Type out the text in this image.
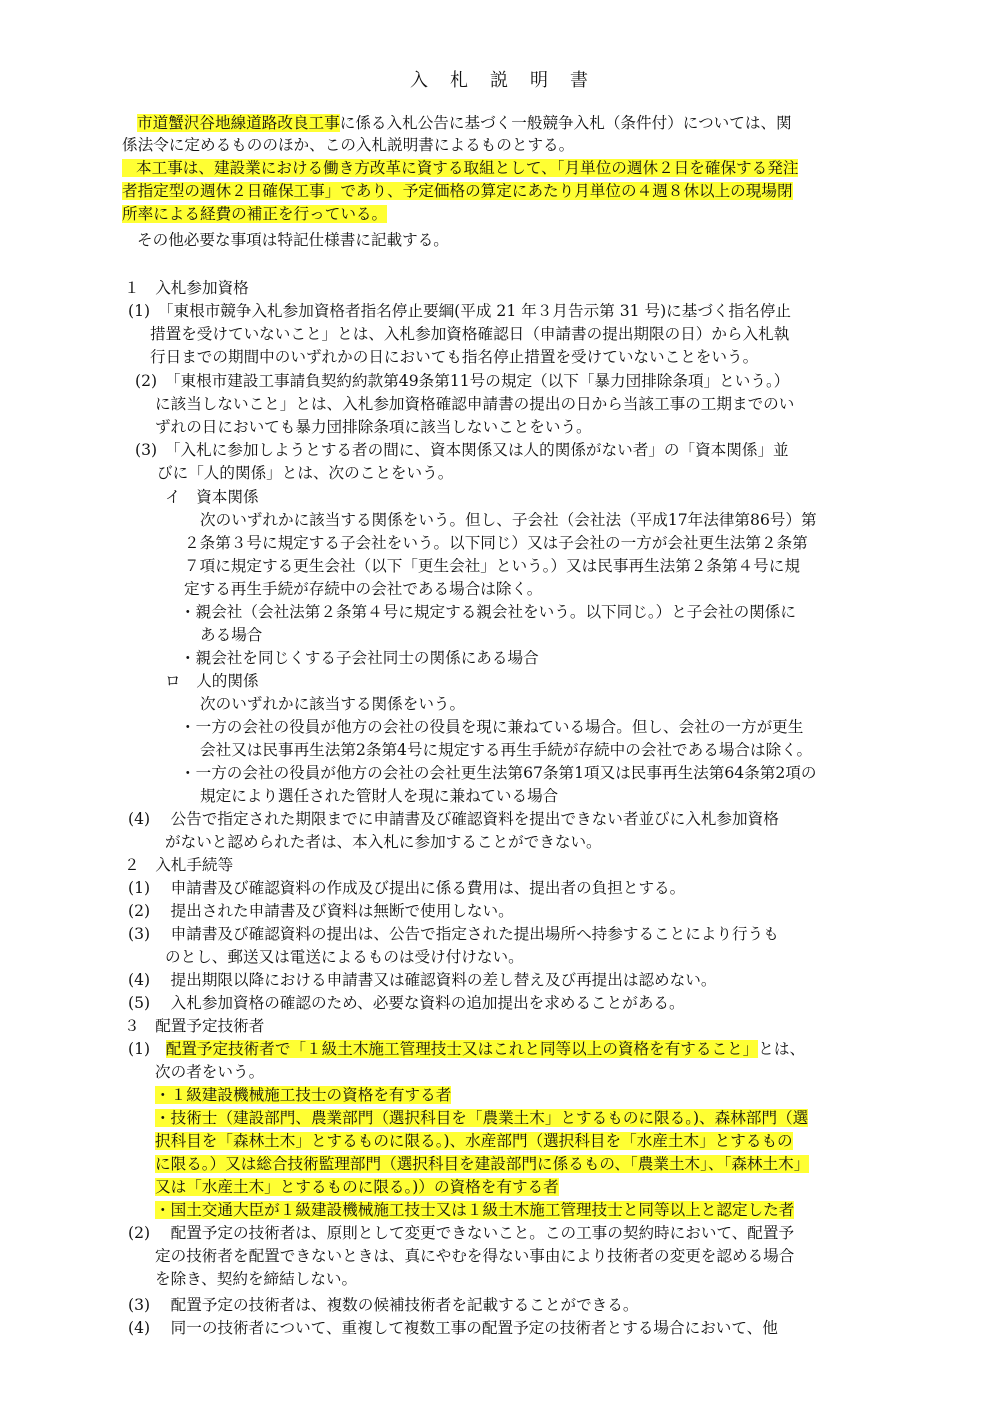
入　札　説　明　書
市道蟹沢谷地線道路改良工事に係る入札公告に基づく一般競争入札（条件付）については、関
係法令に定めるもののほか、この入札説明書によるものとする。
本工事は、建設業における働き方改革に資する取組として、「月単位の週休２日を確保する発注
者指定型の週休２日確保工事」であり、予定価格の算定にあたり月単位の４週８休以上の現場閉
所率による経費の補正を行っている。
その他必要な事項は特記仕様書に記載する。
１　入札参加資格
(1)　「東根市競争入札参加資格者指名停止要綱(平成 21 年３月告示第 31 号)に基づく指名停止
措置を受けていないこと」とは、入札参加資格確認日（申請書の提出期限の日）から入札執
行日までの期間中のいずれかの日においても指名停止措置を受けていないことをいう。
(2)　「東根市建設工事請負契約約款第49条第11号の規定（以下「暴力団排除条項」という。）
に該当しないこと」とは、入札参加資格確認申請書の提出の日から当該工事の工期までのい
ずれの日においても暴力団排除条項に該当しないことをいう。
(3)　「入札に参加しようとする者の間に、資本関係又は人的関係がない者」の「資本関係」並
びに「人的関係」とは、次のことをいう。
イ　資本関係
次のいずれかに該当する関係をいう。但し、子会社（会社法（平成17年法律第86号）第
２条第３号に規定する子会社をいう。以下同じ）又は子会社の一方が会社更生法第２条第
７項に規定する更生会社（以下「更生会社」という。）又は民事再生法第２条第４号に規
定する再生手続が存続中の会社である場合は除く。
・親会社（会社法第２条第４号に規定する親会社をいう。以下同じ。）と子会社の関係に
ある場合
・親会社を同じくする子会社同士の関係にある場合
ロ　人的関係
次のいずれかに該当する関係をいう。
・一方の会社の役員が他方の会社の役員を現に兼ねている場合。但し、会社の一方が更生
会社又は民事再生法第2条第4号に規定する再生手続が存続中の会社である場合は除く。
・一方の会社の役員が他方の会社の会社更生法第67条第1項又は民事再生法第64条第2項の
規定により選任された管財人を現に兼ねている場合
(4)　 公告で指定された期限までに申請書及び確認資料を提出できない者並びに入札参加資格
がないと認められた者は、本入札に参加することができない。
２　入札手続等
(1)　 申請書及び確認資料の作成及び提出に係る費用は、提出者の負担とする。
(2)　 提出された申請書及び資料は無断で使用しない。
(3)　 申請書及び確認資料の提出は、公告で指定された提出場所へ持参することにより行うも
のとし、郵送又は電送によるものは受け付けない。
(4)　 提出期限以降における申請書又は確認資料の差し替え及び再提出は認めない。
(5)　 入札参加資格の確認のため、必要な資料の追加提出を求めることがある。
３　配置予定技術者
(1)　配置予定技術者で「１級土木施工管理技士又はこれと同等以上の資格を有すること」とは、
次の者をいう。
・１級建設機械施工技士の資格を有する者
・技術士（建設部門、農業部門（選択科目を「農業土木」とするものに限る。)、森林部門（選
択科目を「森林土木」とするものに限る。)、水産部門（選択科目を「水産土木」とするもの
に限る。）又は総合技術監理部門（選択科目を建設部門に係るもの、「農業土木」、「森林土木」
又は「水産土木」とするものに限る。)）の資格を有する者
・国土交通大臣が１級建設機械施工技士又は１級土木施工管理技士と同等以上と認定した者
(2)　 配置予定の技術者は、原則として変更できないこと。この工事の契約時において、配置予
定の技術者を配置できないときは、真にやむを得ない事由により技術者の変更を認める場合
を除き、契約を締結しない。
(3)　 配置予定の技術者は、複数の候補技術者を記載することができる。
(4)　 同一の技術者について、重複して複数工事の配置予定の技術者とする場合において、他
